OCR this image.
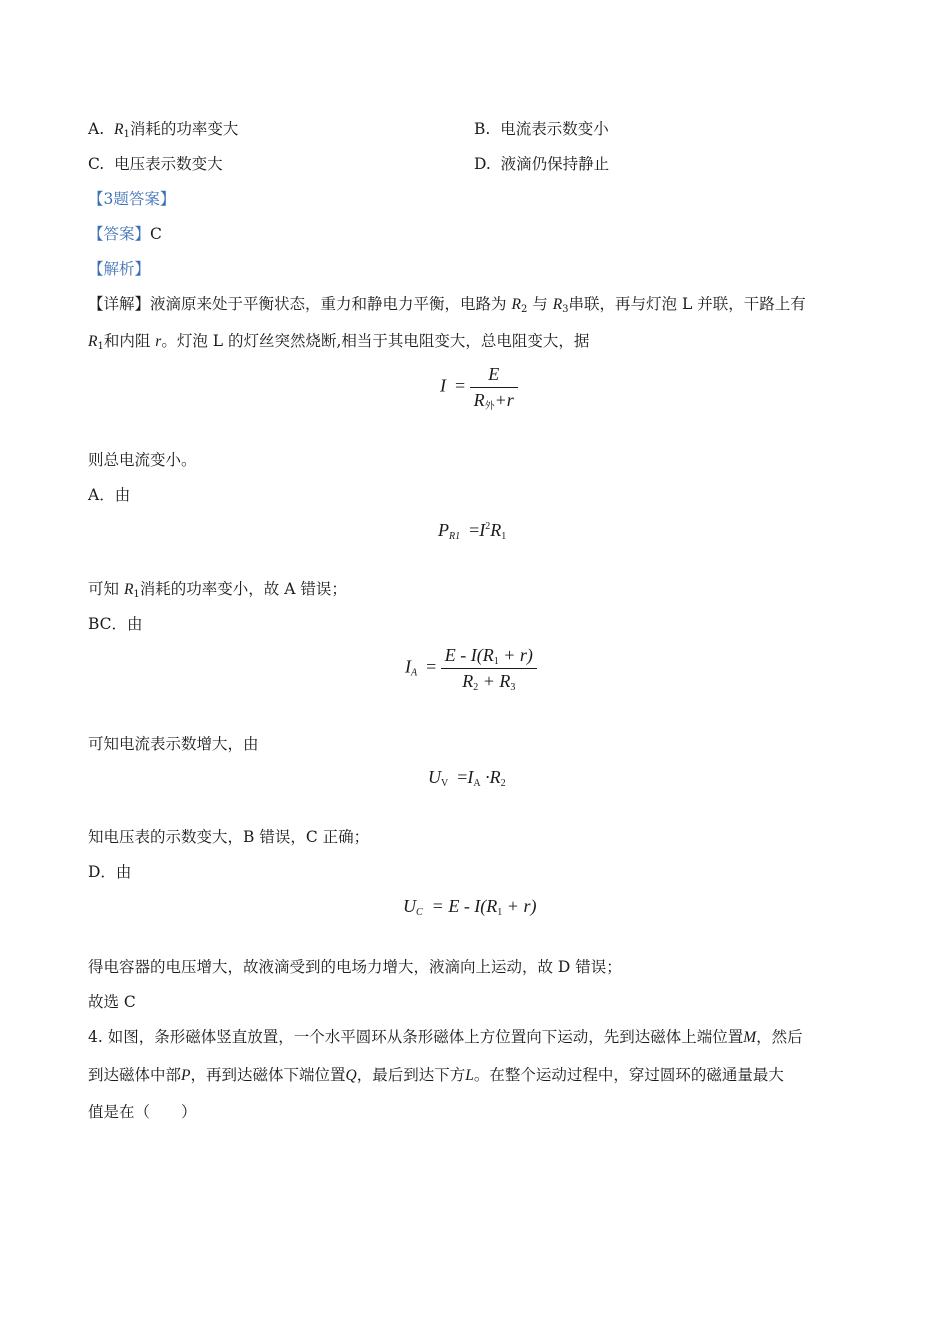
A. $R_1$消耗的功率变大	B. 电流表示数变小
C. 电压表示数变大	D. 液滴仍保持静止
【3题答案】
【答案】C
【解析】
【详解】液滴原来处于平衡状态，重力和静电力平衡，电路为 $R_2$ 与 $R_3$串联，再与灯泡 L 并联，干路上有
$R_1$和内阻 r。灯泡 L 的灯丝突然烧断,相当于其电阻变大，总电阻变大，据
$I = \frac{E}{R_外+r}$
则总电流变小。
A．由
$P_{R1} =I^2R_1$
可知 $R_1$消耗的功率变小，故 A 错误；
BC．由
$I_A = \frac{E - I(R_1 + r)}{R_2 + R_3}$
可知电流表示数增大，由
$U_V =I_A \cdot R_2$
知电压表的示数变大，B 错误，C 正确；
D．由
$U_C = E - I(R_1 + r)$
得电容器的电压增大，故液滴受到的电场力增大，液滴向上运动，故 D 错误；
故选 C
4. 如图，条形磁体竖直放置，一个水平圆环从条形磁体上方位置向下运动，先到达磁体上端位置M，然后
到达磁体中部P，再到达磁体下端位置Q，最后到达下方L。在整个运动过程中，穿过圆环的磁通量最大
值是在（　　）
